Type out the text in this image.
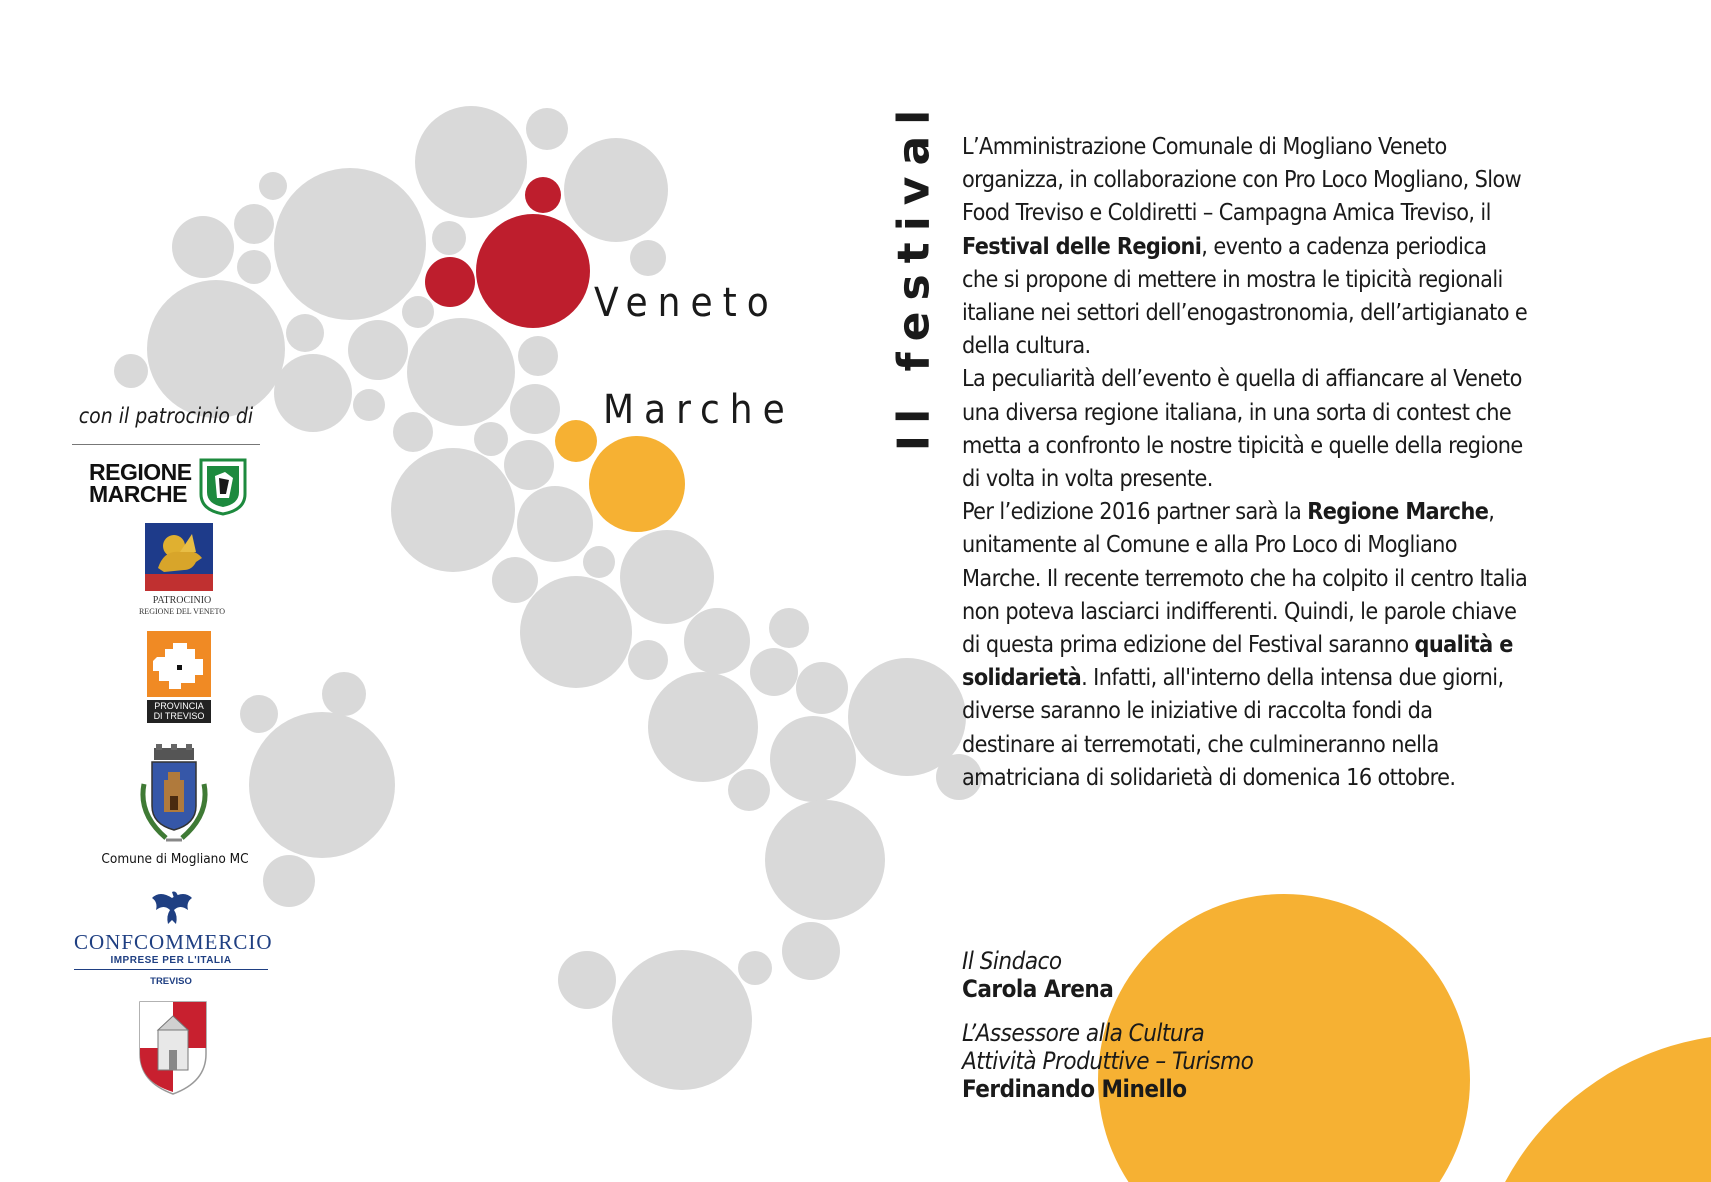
Veneto
Marche
con il patrocinio di
REGIONE
MARCHE
PATROCINIO
REGIONE DEL VENETO
PROVINCIA
DI TREVISO
Comune di Mogliano MC
CONFCOMMERCIO
IMPRESE PER L'ITALIA
TREVISO
Il festival L’Amministrazione Comunale di Mogliano Veneto organizza, in collaborazione con Pro Loco Mogliano, Slow Food Treviso e Coldiretti – Campagna Amica Treviso, il Festival delle Regioni, evento a cadenza periodica che si propone di mettere in mostra le tipicità regionali italiane nei settori dell’enogastronomia, dell’artigianato e della cultura.

La peculiarità dell’evento è quella di affiancare al Veneto una diversa regione italiana, in una sorta di contest che metta a confronto le nostre tipicità e quelle della regione di volta in volta presente.

Per l’edizione 2016 partner sarà la Regione Marche, unitamente al Comune e alla Pro Loco di Mogliano Marche. Il recente terremoto che ha colpito il centro Italia non poteva lasciarci indifferenti. Quindi, le parole chiave di questa prima edizione del Festival saranno qualità e solidarietà. Infatti, all'interno della intensa due giorni, diverse saranno le iniziative di raccolta fondi da destinare ai terremotati, che culmineranno nella amatriciana di solidarietà di domenica 16 ottobre.

Il Sindaco
Carola Arena
L’Assessore alla Cultura
Attività Produttive – Turismo
Ferdinando Minello
